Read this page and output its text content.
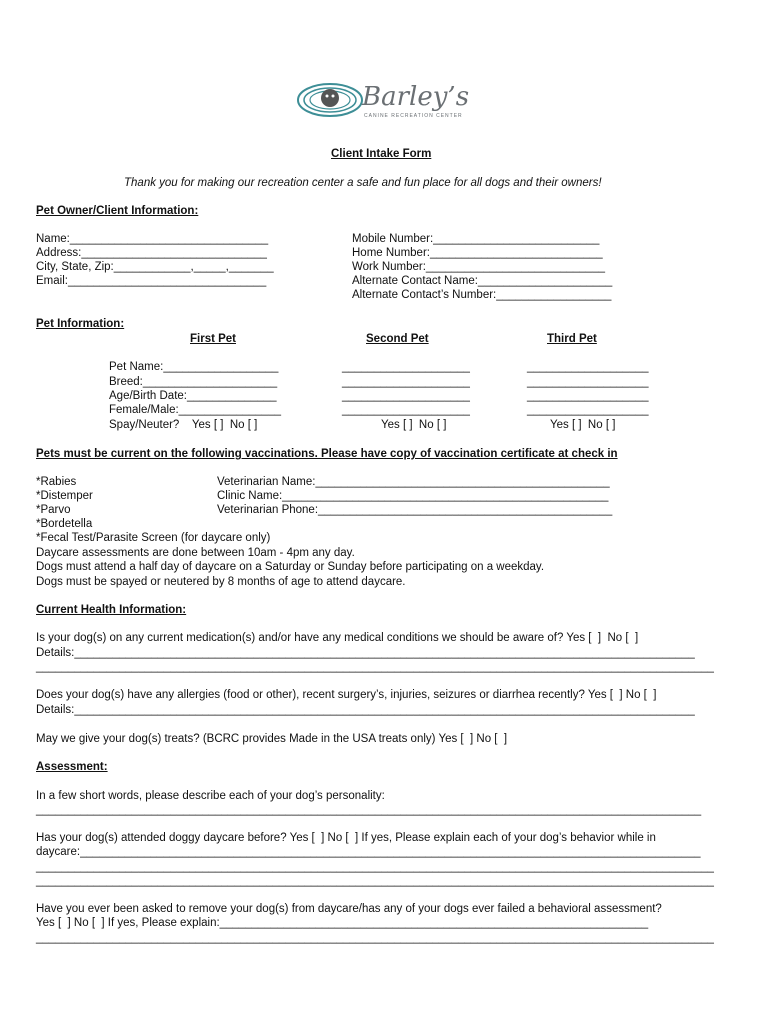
Barley’s
CANINE RECREATION CENTER
Client Intake Form
Thank you for making our recreation center a safe and fun place for all dogs and their owners!
Pet Owner/Client Information:
Name:_______________________________
Address:_____________________________
City, State, Zip:____________,_____,_______
Email:_______________________________
Mobile Number:__________________________
Home Number:___________________________
Work Number:____________________________
Alternate Contact Name:_____________________
Alternate Contact’s Number:__________________
Pet Information:
First Pet	Second Pet	Third Pet
Pet Name:__________________
Breed:_____________________
Age/Birth Date:______________
Female/Male:________________
Spay/Neuter?    Yes [ ]  No [ ]
____________________
____________________
____________________
____________________
Yes [ ]  No [ ]
___________________
___________________
___________________
___________________
Yes [ ]  No [ ]
Pets must be current on the following vaccinations. Please have copy of vaccination certificate at check in
*Rabies
*Distemper
*Parvo
*Bordetella
*Fecal Test/Parasite Screen (for daycare only)
Veterinarian Name:______________________________________________
Clinic Name:___________________________________________________
Veterinarian Phone:______________________________________________
Daycare assessments are done between 10am - 4pm any day.
Dogs must attend a half day of daycare on a Saturday or Sunday before participating on a weekday.
Dogs must be spayed or neutered by 8 months of age to attend daycare.
Current Health Information:
Is your dog(s) on any current medication(s) and/or have any medical conditions we should be aware of? Yes [  ]  No [  ]
Details:_________________________________________________________________________________________________
__________________________________________________________________________________________________________
Does your dog(s) have any allergies (food or other), recent surgery’s, injuries, seizures or diarrhea recently? Yes [  ] No [  ]
Details:_________________________________________________________________________________________________
May we give your dog(s) treats? (BCRC provides Made in the USA treats only) Yes [  ] No [  ]
Assessment:
In a few short words, please describe each of your dog’s personality:
________________________________________________________________________________________________________
Has your dog(s) attended doggy daycare before? Yes [  ] No [  ] If yes, Please explain each of your dog’s behavior while in
daycare:_________________________________________________________________________________________________
__________________________________________________________________________________________________________
__________________________________________________________________________________________________________
Have you ever been asked to remove your dog(s) from daycare/has any of your dogs ever failed a behavioral assessment?
Yes [  ] No [  ] If yes, Please explain:___________________________________________________________________
__________________________________________________________________________________________________________
